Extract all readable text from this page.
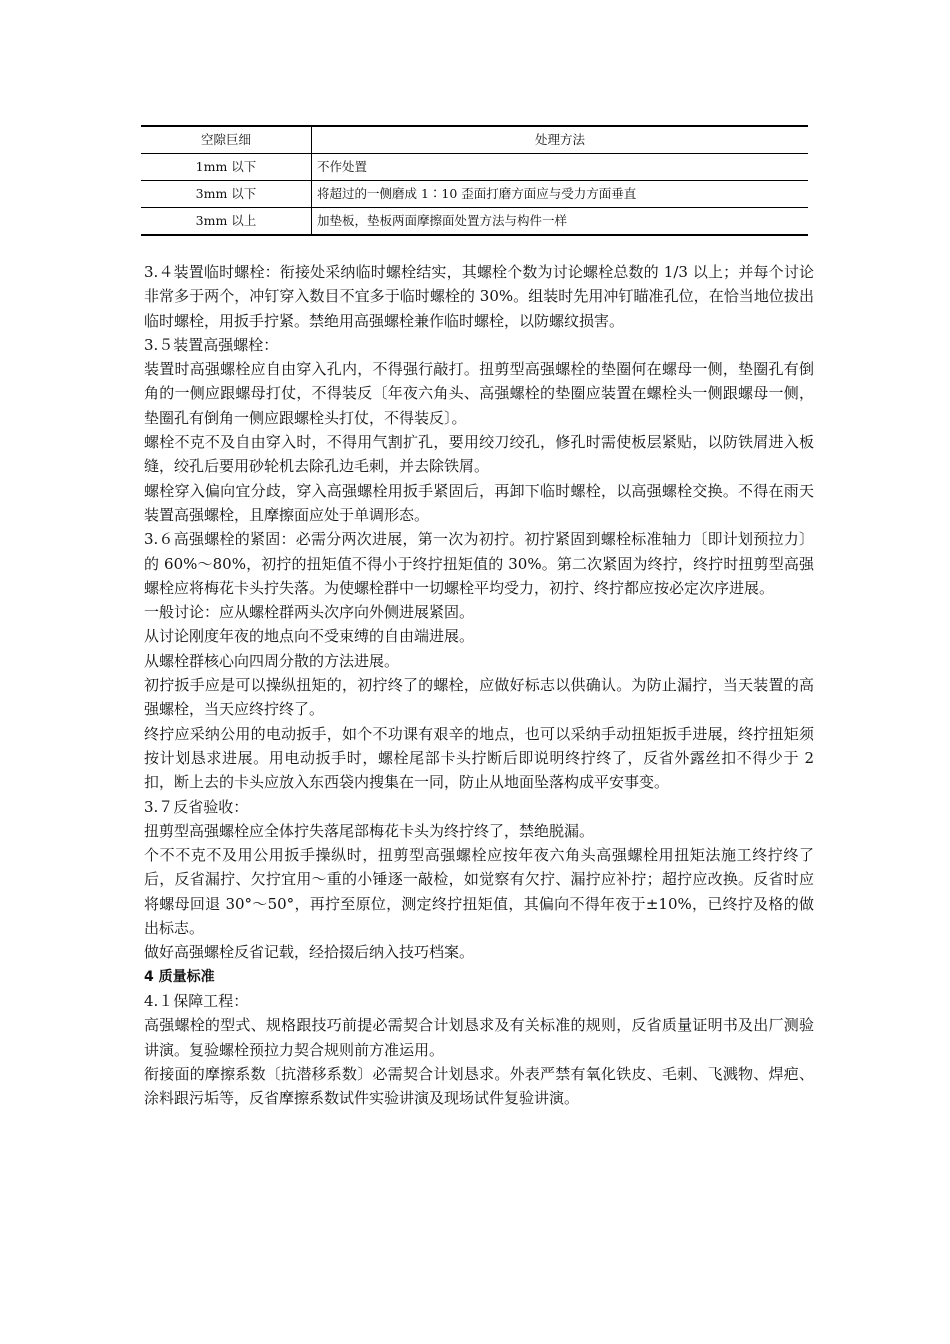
空隙巨细	处理方法
1mm 以下	不作处置
3mm 以下	将超过的一侧磨成 1∶10 歪面打磨方面应与受力方面垂直
3mm 以上	加垫板，垫板两面摩擦面处置方法与构件一样

3.４装置临时螺栓：衔接处采纳临时螺栓结实，其螺栓个数为讨论螺栓总数的 1/3 以上；并每个讨论非常多于两个，冲钉穿入数目不宜多于临时螺栓的 30%。组装时先用冲钉瞄准孔位，在恰当地位拔出临时螺栓，用扳手拧紧。禁绝用高强螺栓兼作临时螺栓，以防螺纹损害。

3.５装置高强螺栓：

装置时高强螺栓应自由穿入孔内，不得强行敲打。扭剪型高强螺栓的垫圈何在螺母一侧，垫圈孔有倒角的一侧应跟螺母打仗，不得装反〔年夜六角头、高强螺栓的垫圈应装置在螺栓头一侧跟螺母一侧，垫圈孔有倒角一侧应跟螺栓头打仗，不得装反〕。

螺栓不克不及自由穿入时，不得用气割扩孔，要用绞刀绞孔，修孔时需使板层紧贴，以防铁屑进入板缝，绞孔后要用砂轮机去除孔边毛刺，并去除铁屑。

螺栓穿入偏向宜分歧，穿入高强螺栓用扳手紧固后，再卸下临时螺栓，以高强螺栓交换。不得在雨天装置高强螺栓，且摩擦面应处于单调形态。

3.６高强螺栓的紧固：必需分两次进展，第一次为初拧。初拧紧固到螺栓标准轴力〔即计划预拉力〕的 60%～80%，初拧的扭矩值不得小于终拧扭矩值的 30%。第二次紧固为终拧，终拧时扭剪型高强螺栓应将梅花卡头拧失落。为使螺栓群中一切螺栓平均受力，初拧、终拧都应按必定次序进展。

一般讨论：应从螺栓群两头次序向外侧进展紧固。

从讨论刚度年夜的地点向不受束缚的自由端进展。

从螺栓群核心向四周分散的方法进展。

初拧扳手应是可以操纵扭矩的，初拧终了的螺栓，应做好标志以供确认。为防止漏拧，当天装置的高强螺栓，当天应终拧终了。

终拧应采纳公用的电动扳手，如个不功课有艰辛的地点，也可以采纳手动扭矩扳手进展，终拧扭矩须按计划恳求进展。用电动扳手时，螺栓尾部卡头拧断后即说明终拧终了，反省外露丝扣不得少于 2 扣，断上去的卡头应放入东西袋内搜集在一同，防止从地面坠落构成平安事变。

3.７反省验收：

扭剪型高强螺栓应全体拧失落尾部梅花卡头为终拧终了，禁绝脱漏。

个不不克不及用公用扳手操纵时，扭剪型高强螺栓应按年夜六角头高强螺栓用扭矩法施工终拧终了后，反省漏拧、欠拧宜用～重的小锤逐一敲检，如觉察有欠拧、漏拧应补拧；超拧应改换。反省时应将螺母回退 30°～50°，再拧至原位，测定终拧扭矩值，其偏向不得年夜于±10%，已终拧及格的做出标志。

做好高强螺栓反省记载，经拾掇后纳入技巧档案。

4 质量标准

4.１保障工程：

高强螺栓的型式、规格跟技巧前提必需契合计划恳求及有关标准的规则，反省质量证明书及出厂测验讲演。复验螺栓预拉力契合规则前方准运用。

衔接面的摩擦系数〔抗潜移系数〕必需契合计划恳求。外表严禁有氧化铁皮、毛刺、飞溅物、焊疤、涂料跟污垢等，反省摩擦系数试件实验讲演及现场试件复验讲演。
